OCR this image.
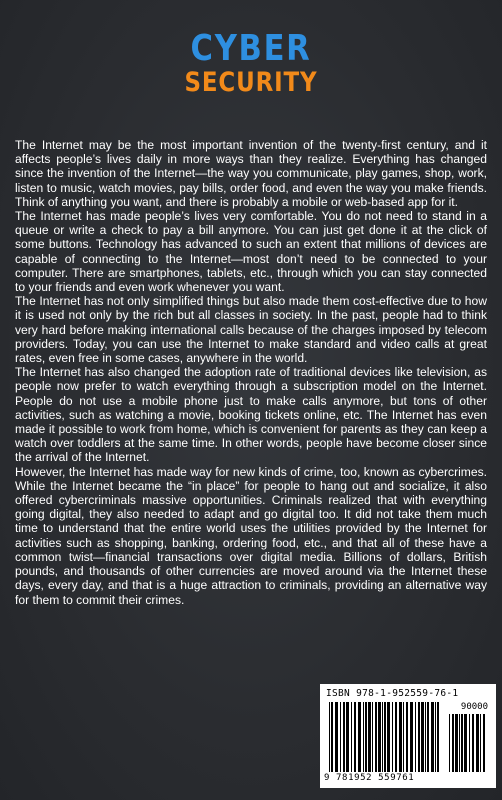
CYBER
SECURITY

The Internet may be the most important invention of the twenty-first century, and it affects people’s lives daily in more ways than they realize. Everything has changed since the invention of the Internet—the way you communicate, play games, shop, work, listen to music, watch movies, pay bills, order food, and even the way you make friends. Think of anything you want, and there is probably a mobile or web-based app for it.

The Internet has made people’s lives very comfortable. You do not need to stand in a queue or write a check to pay a bill anymore. You can just get done it at the click of some buttons. Technology has advanced to such an extent that millions of devices are capable of connecting to the Internet—most don’t need to be connected to your computer. There are smartphones, tablets, etc., through which you can stay connected to your friends and even work whenever you want.

The Internet has not only simplified things but also made them cost-effective due to how it is used not only by the rich but all classes in society. In the past, people had to think very hard before making international calls because of the charges imposed by telecom providers. Today, you can use the Internet to make standard and video calls at great rates, even free in some cases, anywhere in the world.

The Internet has also changed the adoption rate of traditional devices like television, as people now prefer to watch everything through a subscription model on the Internet. People do not use a mobile phone just to make calls anymore, but tons of other activities, such as watching a movie, booking tickets online, etc. The Internet has even made it possible to work from home, which is convenient for parents as they can keep a watch over toddlers at the same time. In other words, people have become closer since the arrival of the Internet.

However, the Internet has made way for new kinds of crime, too, known as cybercrimes. While the Internet became the “in place” for people to hang out and socialize, it also offered cybercriminals massive opportunities. Criminals realized that with everything going digital, they also needed to adapt and go digital too. It did not take them much time to understand that the entire world uses the utilities provided by the Internet for activities such as shopping, banking, ordering food, etc., and that all of these have a common twist—financial transactions over digital media. Billions of dollars, British pounds, and thousands of other currencies are moved around via the Internet these days, every day, and that is a huge attraction to criminals, providing an alternative way for them to commit their crimes.

ISBN 978-1-952559-76-1
90000
9 781952 559761
